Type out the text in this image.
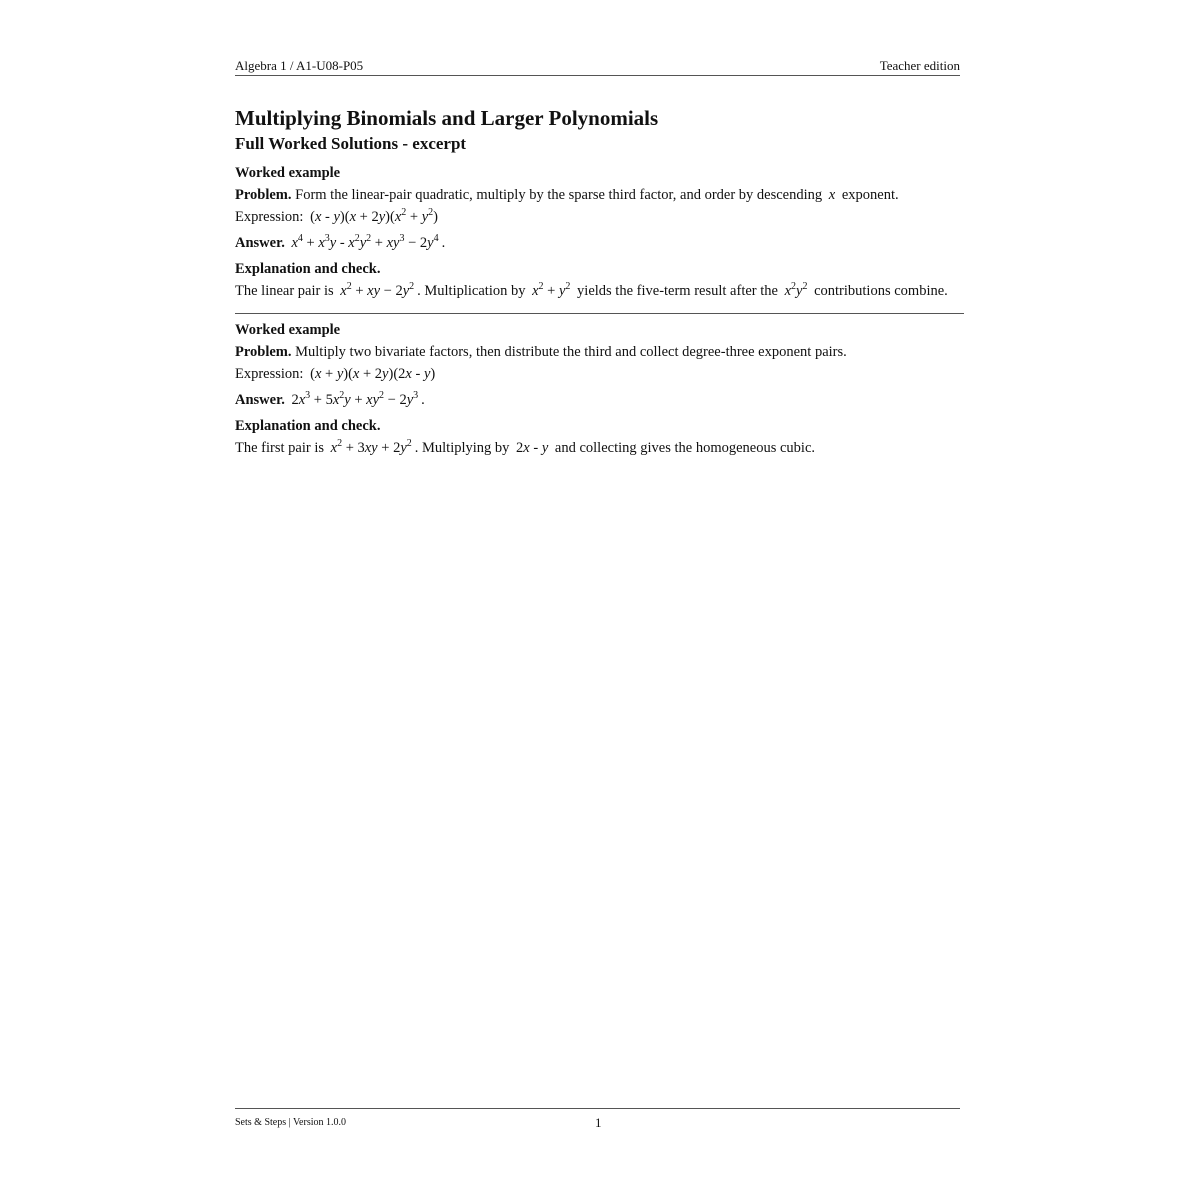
Algebra 1 / A1-U08-P05	Teacher edition
Multiplying Binomials and Larger Polynomials
Full Worked Solutions - excerpt

Worked example

Problem. Form the linear-pair quadratic, multiply by the sparse third factor, and order by descending x exponent.

Expression: $(x - y)(x + 2y)(x^2 + y^2)$

Answer. $x^4 + x^3y - x^2y^2 + xy^3 - 2y^4$ .

Explanation and check.

The linear pair is $x^2$ + xy − $2y^2$ . Multiplication by $x^2 + y^2$ yields the five-term result after the $x^2y^2$ contributions combine.

Worked example

Problem. Multiply two bivariate factors, then distribute the third and collect degree-three exponent pairs.

Expression: (x + y)(x + 2y)(2x - y)

Answer. $2x^3 + 5x^2y + xy^2 - 2y^3$ .

Explanation and check.

The first pair is $x^2 + 3xy + 2y^2$ . Multiplying by 2x - y and collecting gives the homogeneous cubic.

Sets & Steps | Version 1.0.0	1
